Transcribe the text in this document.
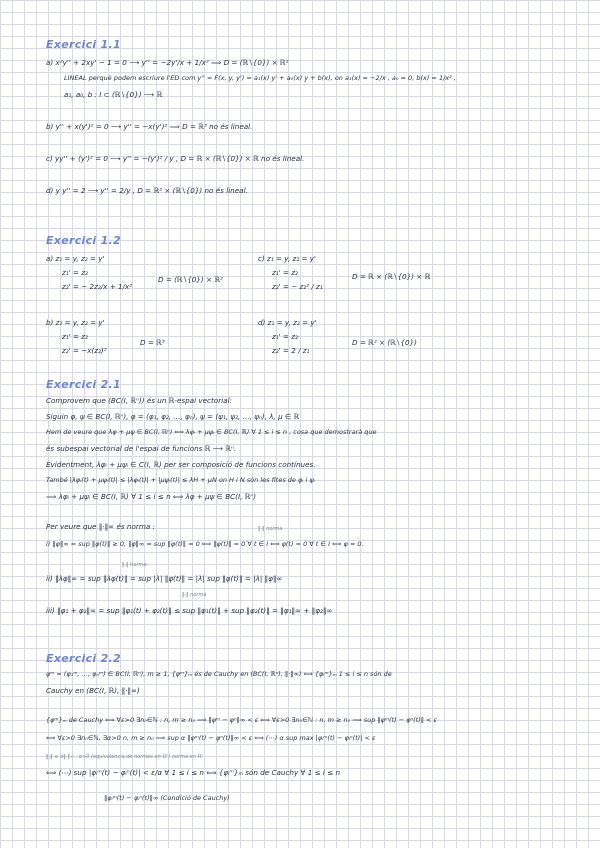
Exercici 1.1
a) x²y'' + 2xy' − 1 = 0 ⟶ y'' = −2y'/x + 1/x² ⟹ D = (ℝ∖{0}) × ℝ²
LINEAL perquè podem escriure l'ED com y'' = F(x, y, y') = a₁(x) y' + a₀(x) y + b(x), on a₁(x) = −2/x , a₀ = 0, b(x) = 1/x² ,
a₁, a₀, b : I ⊂ (ℝ∖{0}) ⟶ ℝ
b) y'' + x(y')² = 0 ⟶ y'' = −x(y')² ⟹ D = ℝ³ no és lineal.
c) yy'' + (y')² = 0 ⟶ y'' = −(y')² / y , D = ℝ × (ℝ∖{0}) × ℝ no és lineal.
d) y y'' = 2 ⟶ y'' = 2/y , D = ℝ² × (ℝ∖{0}) no és lineal.
Exercici 1.2
a) z₁ = y, z₂ = y'
z₁' = z₂
z₂' = − 2z₂/x + 1/x²
D = (ℝ∖{0}) × ℝ²
c) z₁ = y, z₂ = y'
z₁' = z₂
z₂' = − z₂² / z₁
D = ℝ × (ℝ∖{0}) × ℝ
b) z₁ = y, z₂ = y'
z₁' = z₂
z₂' = −x(z₂)²
D = ℝ³
d) z₁ = y, z₂ = y'
z₁' = z₂
z₂' = 2 / z₁
D = ℝ² × (ℝ∖{0})
Exercici 2.1
Comprovem que (BC(I, ℝⁿ)) és un ℝ-espai vectorial:
Siguin φ, ψ ∈ BC(I, ℝⁿ), φ = (φ₁, φ₂, …, φₙ), ψ = (ψ₁, ψ₂, …, ψₙ), λ, μ ∈ ℝ
Hem de veure que λφ + μψ ∈ BC(I, ℝⁿ) ⟺ λφᵢ + μψᵢ ∈ BC(I, ℝ) ∀ 1 ≤ i ≤ n , cosa que demostrarà que
és subespai vectorial de l'espai de funcions ℝ ⟶ ℝⁿ.
Evidentment, λφᵢ + μψᵢ ∈ C(I, ℝ) per ser composició de funcions contínues.
També |λφᵢ(t) + μψᵢ(t)| ≤ |λφᵢ(t)| + |μψᵢ(t)| ≤ λH + μN on H i N són les fites de φᵢ i ψᵢ
⟹ λφᵢ + μψᵢ ∈ BC(I, ℝ) ∀ 1 ≤ i ≤ n ⟺ λφ + μψ ∈ BC(I, ℝⁿ)
Per veure que ‖·‖∞ és norma :	‖·‖ norma
i) ‖φ‖∞ = sup ‖φ(t)‖ ≥ 0, ‖φ‖∞ = sup ‖φ(t)‖ = 0 ⟺ ‖φ(t)‖ = 0 ∀ t ∈ I ⟺ φ(t) = 0 ∀ t ∈ I ⟺ φ = 0.
‖·‖ norma
ii) ‖λφ‖∞ = sup ‖λφ(t)‖ = sup |λ| ‖φ(t)‖ = |λ| sup ‖φ(t)‖ = |λ| ‖φ‖∞
‖·‖ norma
iii) ‖φ₁ + φ₂‖∞ = sup ‖φ₁(t) + φ₂(t)‖ ≤ sup ‖φ₁(t)‖ + sup ‖φ₂(t)‖ = ‖φ₁‖∞ + ‖φ₂‖∞
Exercici 2.2
φᵐ = (φ₁ᵐ, …, φₙᵐ) ∈ BC(I, ℝⁿ), m ≥ 1, {φᵐ}ₘ és de Cauchy en (BC(I, ℝⁿ), ‖·‖∞) ⟺ {φᵢᵐ}ₘ 1 ≤ i ≤ n són de
Cauchy en (BC(I, ℝ), ‖·‖∞)
{φᵐ}ₘ de Cauchy ⟺ ∀ε>0 ∃n₀∈ℕ : n, m ≥ n₀ ⟹ ‖φᵐ − φⁿ‖∞ < ε ⟺ ∀ε>0 ∃n₀∈ℕ : n, m ≥ n₀ ⟹ sup ‖φᵐ(t) − φⁿ(t)‖ < ε
⟺ ∀ε>0 ∃n₀∈ℕ, ∃α>0 n, m ≥ n₀ ⟹ sup α ‖φᵐ(t) − φⁿ(t)‖∞ < ε ⟺ (⋯) α sup max |φᵢᵐ(t) − φᵢⁿ(t)| < ε
‖·‖ ≤ α‖·‖∞ , α>0 (equivalència de normes en ℝⁿ) norma en ℝⁿ
⟺ (⋯) sup |φᵢᵐ(t) − φᵢⁿ(t)| < ε/α ∀ 1 ≤ i ≤ n ⟺ {φᵢᵐ}ₘ són de Cauchy ∀ 1 ≤ i ≤ n
‖φᵢᵐ(t) − φᵢⁿ(t)‖∞ (Condició de Cauchy)
